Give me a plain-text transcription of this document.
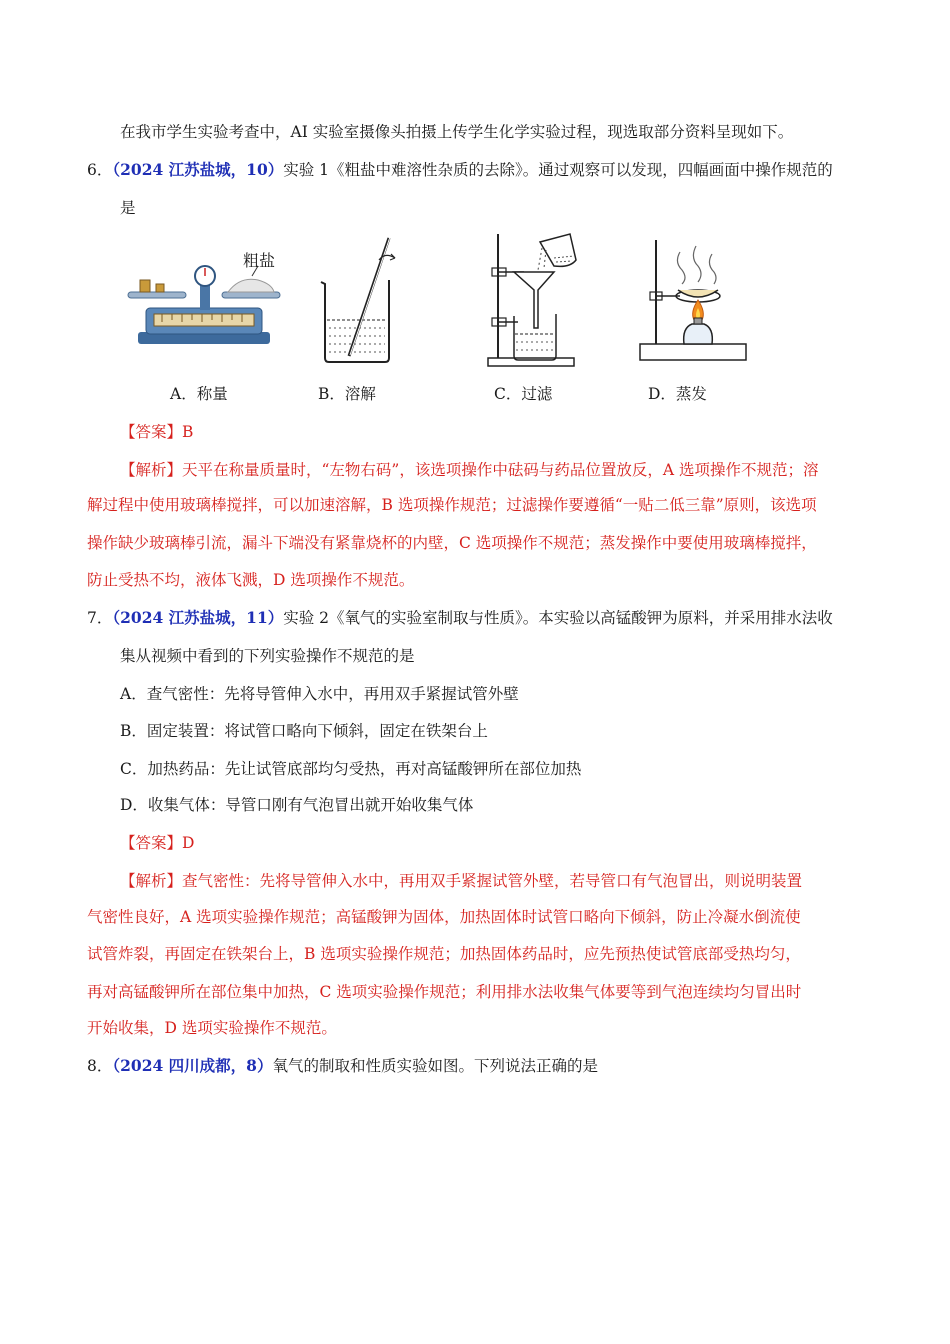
在我市学生实验考查中，AI 实验室摄像头拍摄上传学生化学实验过程，现选取部分资料呈现如下。
6．（2024 江苏盐城，10）实验 1《粗盐中难溶性杂质的去除》。通过观察可以发现，四幅画面中操作规范的
是
粗盐
A．称量	B．溶解	C．过滤	D．蒸发
【答案】B
【解析】天平在称量质量时，“左物右码”，该选项操作中砝码与药品位置放反，A 选项操作不规范；溶
解过程中使用玻璃棒搅拌，可以加速溶解，B 选项操作规范；过滤操作要遵循“一贴二低三靠”原则，该选项
操作缺少玻璃棒引流，漏斗下端没有紧靠烧杯的内壁，C 选项操作不规范；蒸发操作中要使用玻璃棒搅拌，
防止受热不均，液体飞溅，D 选项操作不规范。
7．（2024 江苏盐城，11）实验 2《氧气的实验室制取与性质》。本实验以高锰酸钾为原料，并采用排水法收
集从视频中看到的下列实验操作不规范的是
A．查气密性：先将导管伸入水中，再用双手紧握试管外壁
B．固定装置：将试管口略向下倾斜，固定在铁架台上
C．加热药品：先让试管底部均匀受热，再对高锰酸钾所在部位加热
D．收集气体：导管口刚有气泡冒出就开始收集气体
【答案】D
【解析】查气密性：先将导管伸入水中，再用双手紧握试管外壁，若导管口有气泡冒出，则说明装置
气密性良好，A 选项实验操作规范；高锰酸钾为固体，加热固体时试管口略向下倾斜，防止冷凝水倒流使
试管炸裂，再固定在铁架台上，B 选项实验操作规范；加热固体药品时，应先预热使试管底部受热均匀，
再对高锰酸钾所在部位集中加热，C 选项实验操作规范；利用排水法收集气体要等到气泡连续均匀冒出时
开始收集，D 选项实验操作不规范。
8．（2024 四川成都，8）氧气的制取和性质实验如图。下列说法正确的是
